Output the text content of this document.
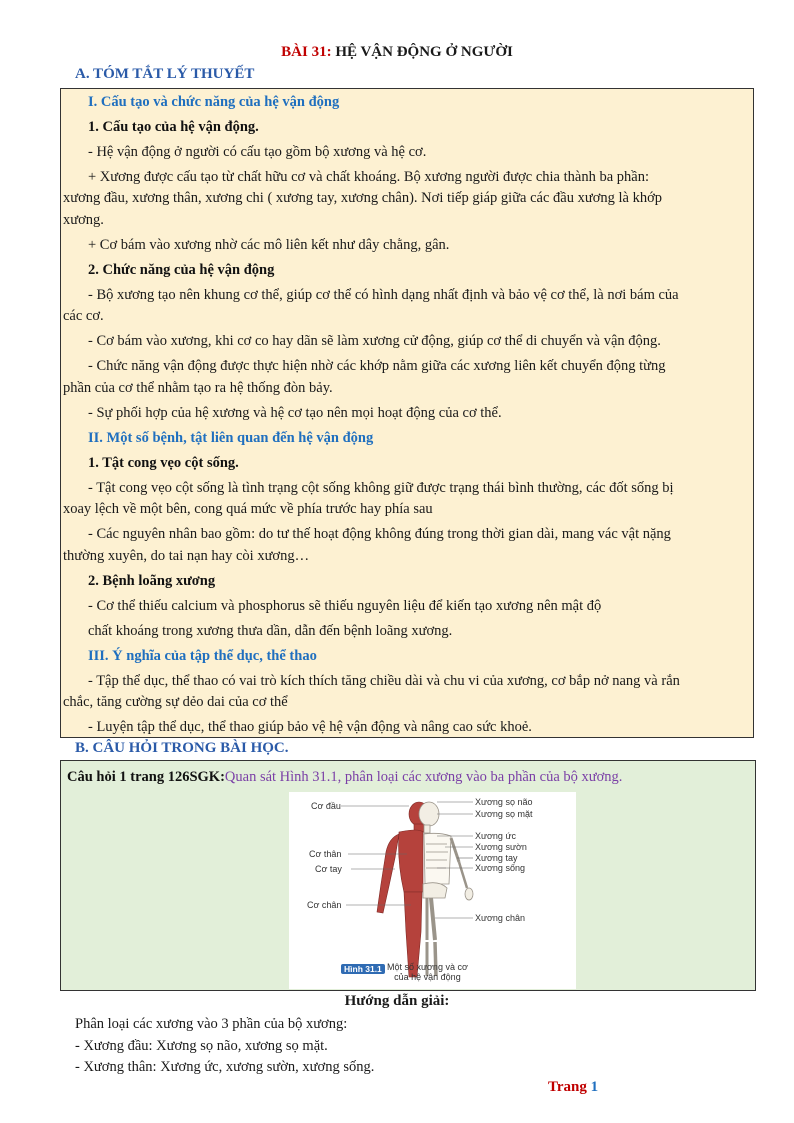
BÀI 31: HỆ VẬN ĐỘNG Ở NGƯỜI
A. TÓM TẮT LÝ THUYẾT
I. Cấu tạo và chức năng của hệ vận động
1. Cấu tạo của hệ vận động.
- Hệ vận động ở người có cấu tạo gồm bộ xương và hệ cơ.
+ Xương được cấu tạo từ chất hữu cơ và chất khoáng. Bộ xương người được chia thành ba phần:
xương đầu, xương thân, xương chi ( xương tay, xương chân). Nơi tiếp giáp giữa các đầu xương là khớp
xương.
+ Cơ bám vào xương nhờ các mô liên kết như dây chằng, gân.
2. Chức năng của hệ vận động
- Bộ xương tạo nên khung cơ thể, giúp cơ thể có hình dạng nhất định và bảo vệ cơ thể, là nơi bám của
các cơ.
- Cơ bám vào xương, khi cơ co hay dãn sẽ làm xương cử động, giúp cơ thể di chuyển và vận động.
- Chức năng vận động được thực hiện nhờ các khớp nằm giữa các xương liên kết chuyển động từng
phần của cơ thể nhằm tạo ra hệ thống đòn bảy.
- Sự phối hợp của hệ xương và hệ cơ tạo nên mọi hoạt động của cơ thể.
II. Một số bệnh, tật liên quan đến hệ vận động
1. Tật cong vẹo cột sống.
- Tật cong vẹo cột sống là tình trạng cột sống không giữ được trạng thái bình thường, các đốt sống bị
xoay lệch về một bên, cong quá mức về phía trước hay phía sau
- Các nguyên nhân bao gồm: do tư thế hoạt động không đúng trong thời gian dài, mang vác vật nặng
thường xuyên, do tai nạn hay còi xương…
2. Bệnh loãng xương
- Cơ thể thiếu calcium và phosphorus sẽ thiếu nguyên liệu để kiến tạo xương nên mật độ
chất khoáng trong xương thưa dần, dẫn đến bệnh loãng xương.
III. Ý nghĩa của tập thể dục, thể thao
- Tập thể dục, thể thao có vai trò kích thích tăng chiều dài và chu vi của xương, cơ bắp nở nang và rắn
chắc, tăng cường sự dẻo dai của cơ thể
- Luyện tập thể dục, thể thao giúp bảo vệ hệ vận động và nâng cao sức khoẻ.
B. CÂU HỎI TRONG BÀI HỌC.
Câu hỏi 1 trang 126SGK:Quan sát Hình 31.1, phân loại các xương vào ba phần của bộ xương.
Cơ đầu
Cơ thân
Cơ tay
Cơ chân
Xương sọ não
Xương sọ mặt
Xương ức
Xương sườn
Xương tay
Xương sống
Xương chân
Hình 31.1 Một số xương và cơ
của hệ vận động
Hướng dẫn giải:
Phân loại các xương vào 3 phần của bộ xương:
- Xương đầu: Xương sọ não, xương sọ mặt.
- Xương thân: Xương ức, xương sườn, xương sống.
Trang 1
